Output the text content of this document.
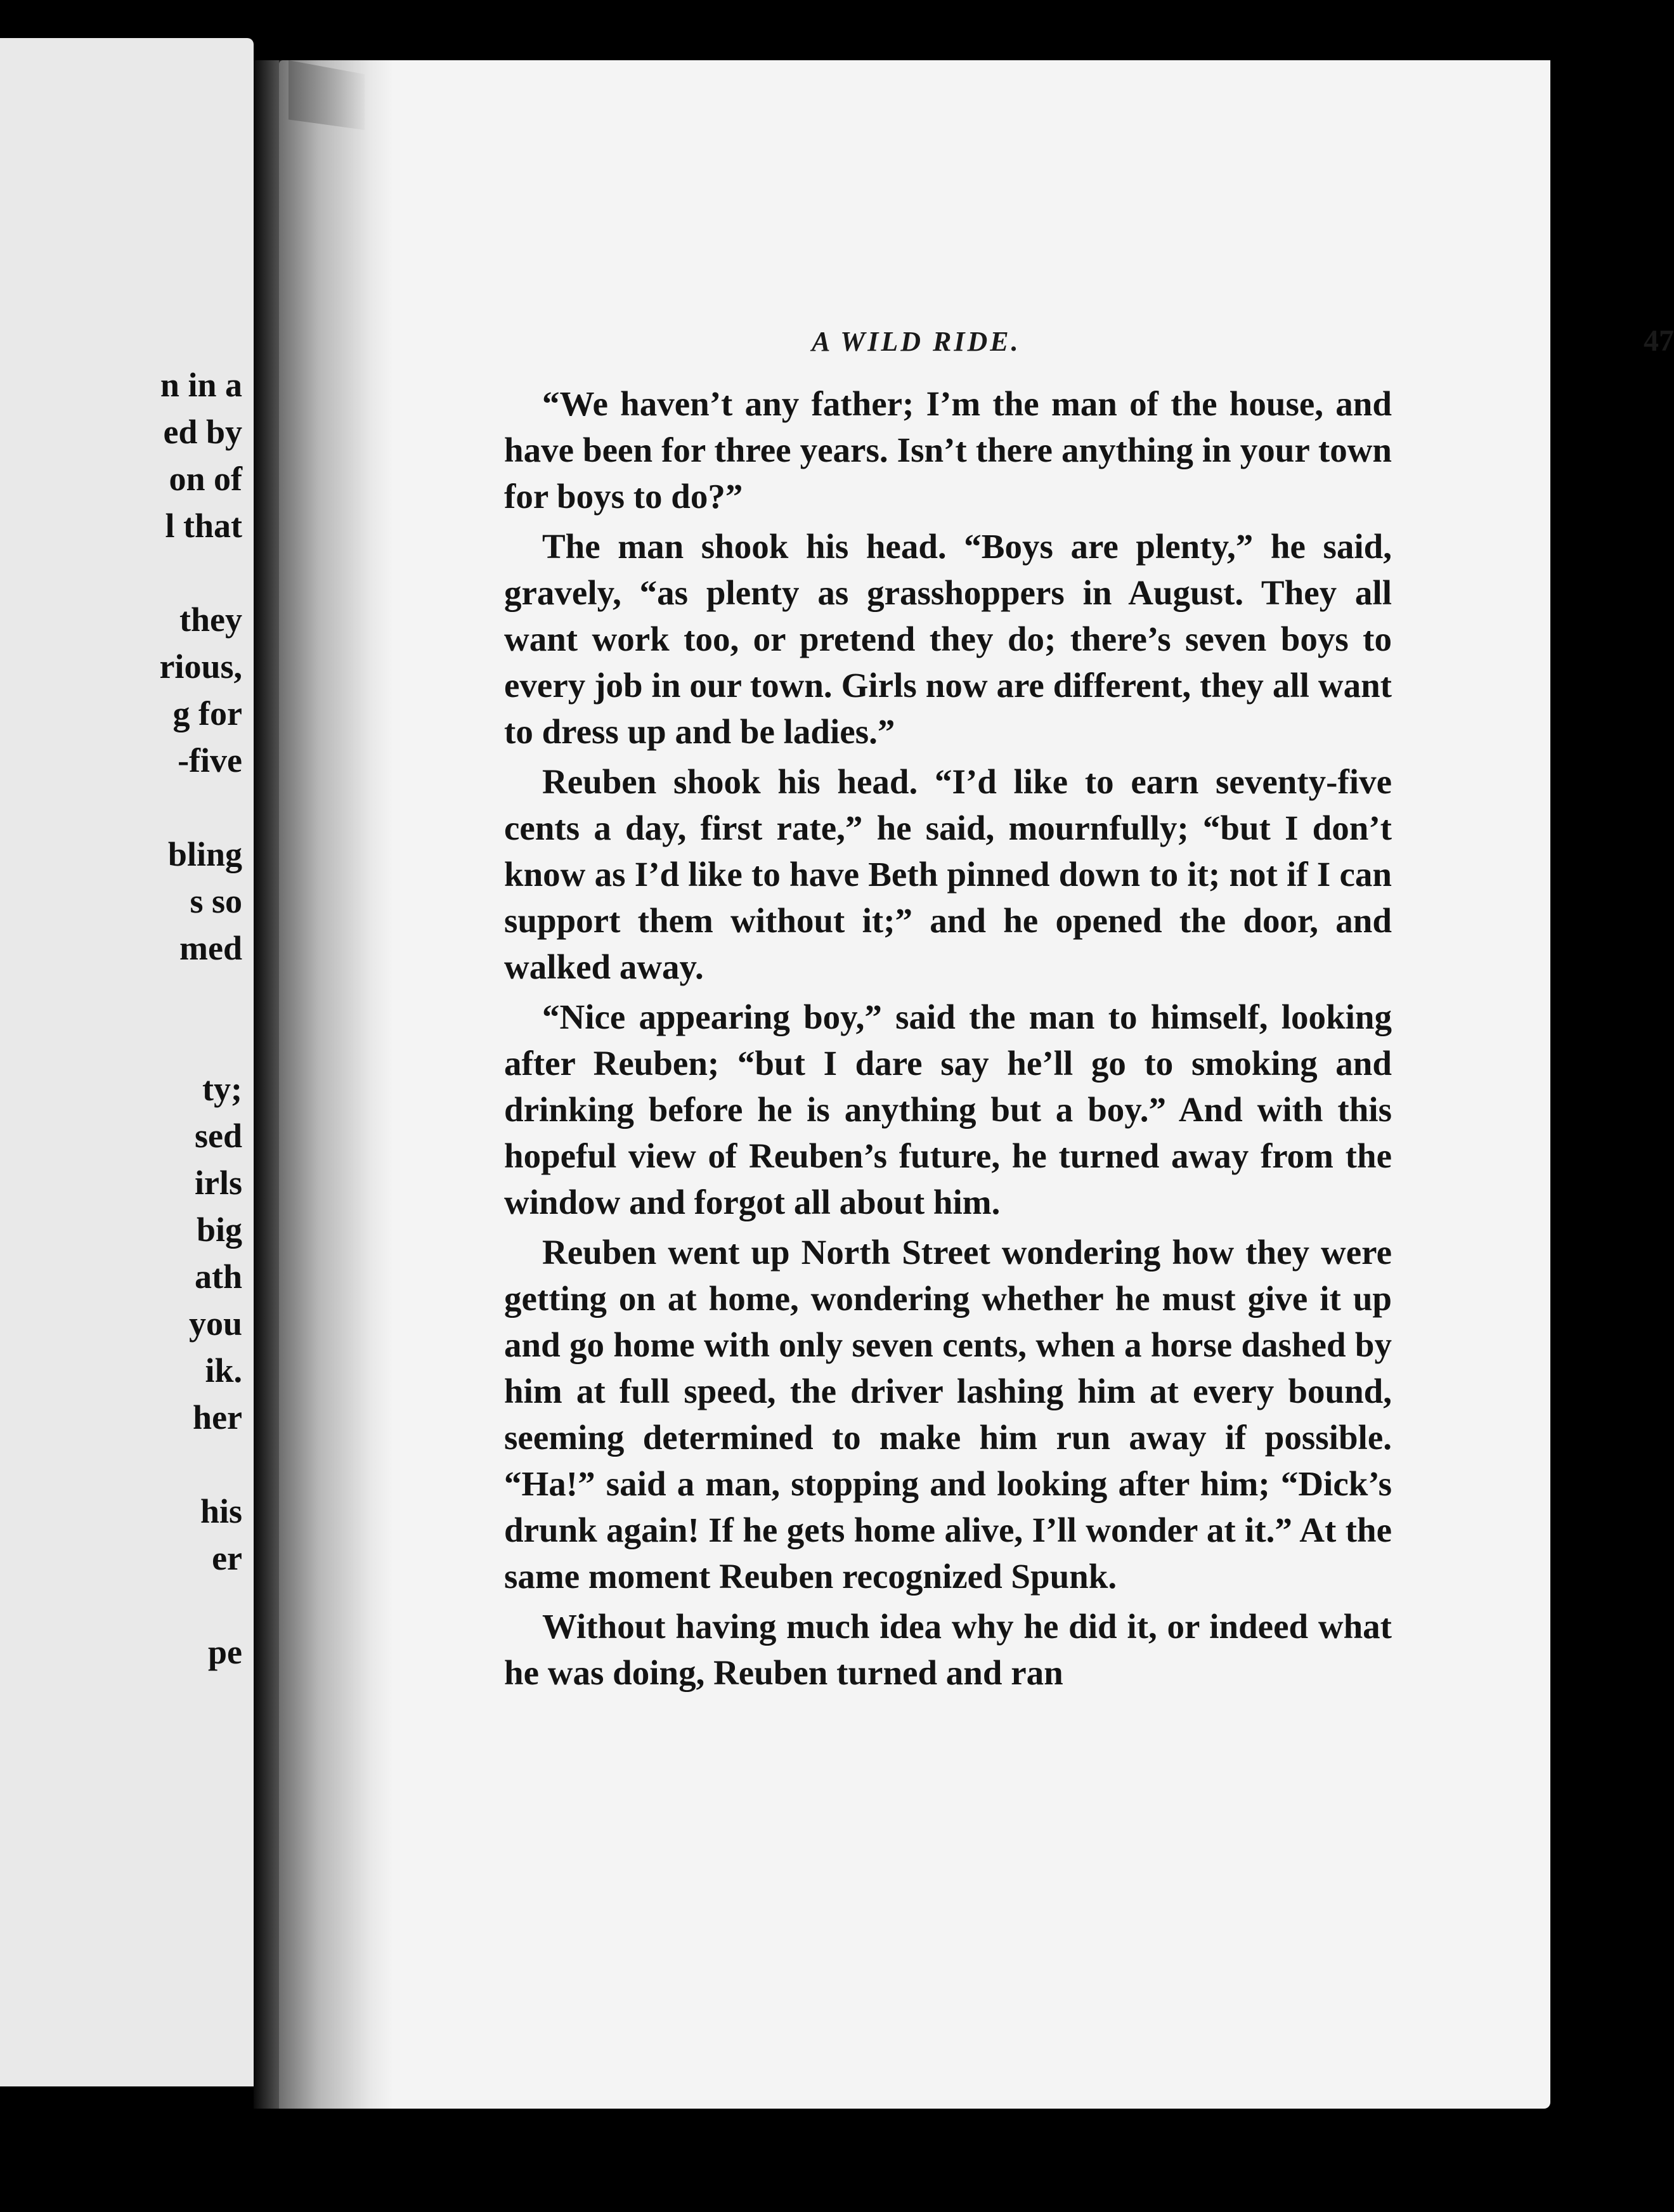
n in a
ed by
on of
l that
they
rious,
g for
-five
bling
s so
med
ty;
sed
irls
big
ath
you
ik.
her
his
er
pe
A WILD RIDE.	47

“We haven’t any father; I’m the man of the house, and have been for three years. Isn’t there anything in your town for boys to do?”

The man shook his head. “Boys are plenty,” he said, gravely, “as plenty as grasshoppers in August. They all want work too, or pretend they do; there’s seven boys to every job in our town. Girls now are different, they all want to dress up and be ladies.”

Reuben shook his head. “I’d like to earn seventy-five cents a day, first rate,” he said, mournfully; “but I don’t know as I’d like to have Beth pinned down to it; not if I can support them without it;” and he opened the door, and walked away.

“Nice appearing boy,” said the man to himself, looking after Reuben; “but I dare say he’ll go to smoking and drinking before he is anything but a boy.” And with this hopeful view of Reuben’s future, he turned away from the window and forgot all about him.

Reuben went up North Street wondering how they were getting on at home, wondering whether he must give it up and go home with only seven cents, when a horse dashed by him at full speed, the driver lashing him at every bound, seeming determined to make him run away if possible. “Ha!” said a man, stopping and looking after him; “Dick’s drunk again! If he gets home alive, I’ll wonder at it.” At the same moment Reuben recognized Spunk.

Without having much idea why he did it, or indeed what he was doing, Reuben turned and ran
